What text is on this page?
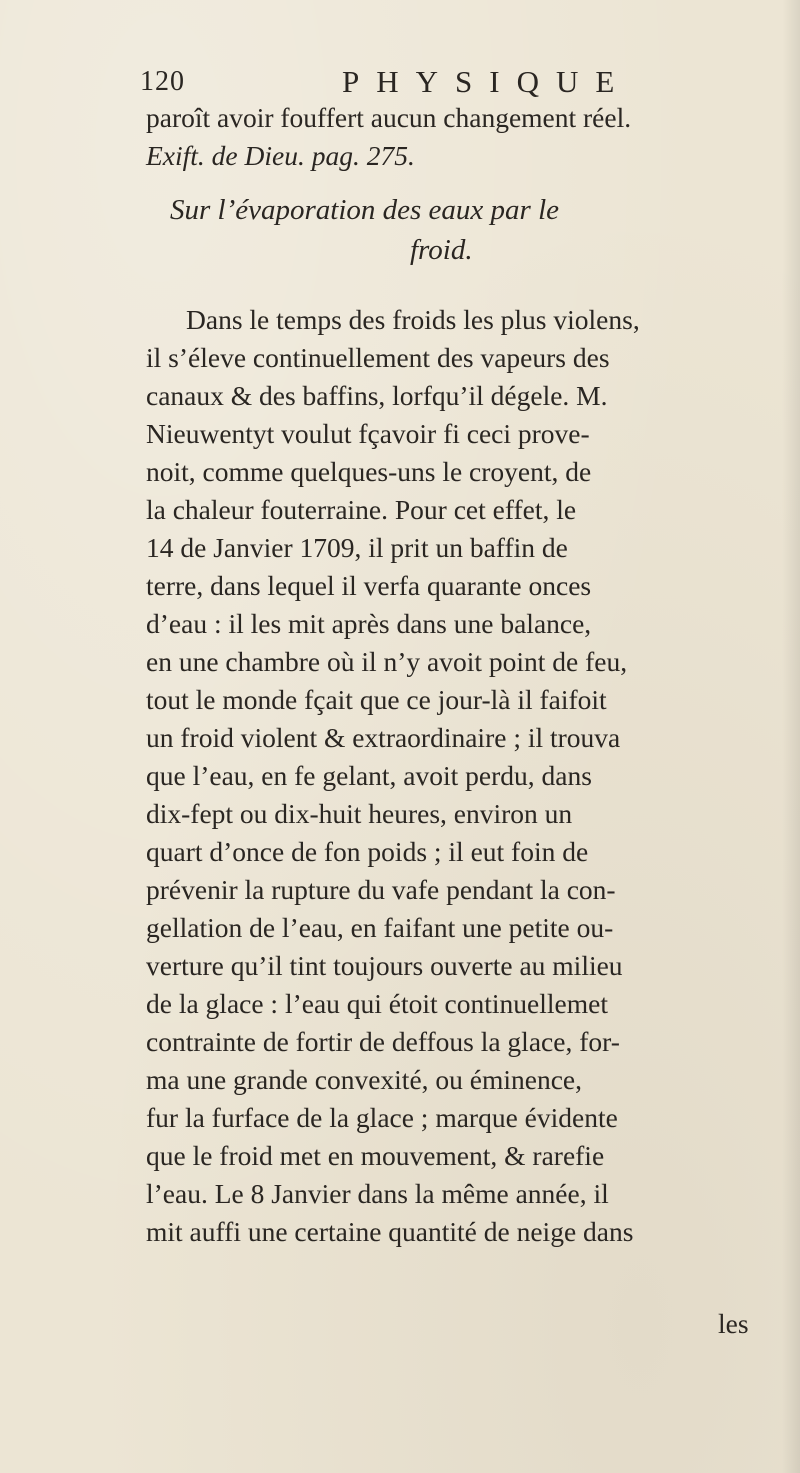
120	PHYSIQUE
paroît avoir fouffert aucun changement réel.
Exift. de Dieu. pag. 275.
Sur l’évaporation des eaux par le
froid.
Dans le temps des froids les plus violens,
il s’éleve continuellement des vapeurs des
canaux & des baffins, lorfqu’il dégele. M.
Nieuwentyt voulut fçavoir fi ceci prove-
noit, comme quelques-uns le croyent, de
la chaleur fouterraine. Pour cet effet, le
14 de Janvier 1709, il prit un baffin de
terre, dans lequel il verfa quarante onces
d’eau : il les mit après dans une balance,
en une chambre où il n’y avoit point de feu,
tout le monde fçait que ce jour-là il faifoit
un froid violent & extraordinaire ; il trouva
que l’eau, en fe gelant, avoit perdu, dans
dix-fept ou dix-huit heures, environ un
quart d’once de fon poids ; il eut foin de
prévenir la rupture du vafe pendant la con-
gellation de l’eau, en faifant une petite ou-
verture qu’il tint toujours ouverte au milieu
de la glace : l’eau qui étoit continuellemet
contrainte de fortir de deffous la glace, for-
ma une grande convexité, ou éminence,
fur la furface de la glace ; marque évidente
que le froid met en mouvement, & rarefie
l’eau. Le 8 Janvier dans la même année, il
mit auffi une certaine quantité de neige dans
les
